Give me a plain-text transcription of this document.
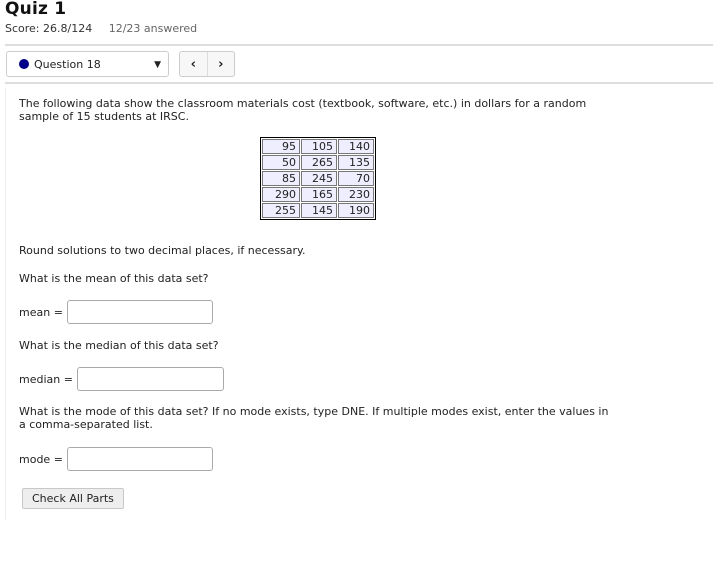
Quiz 1
Score: 26.8/124 12/23 answered
Question 18	▼ ‹ ›
The following data show the classroom materials cost (textbook, software, etc.) in dollars for a random sample of 15 students at IRSC.
95	105	140
50	265	135
85	245	70
290	165	230
255	145	190
Round solutions to two decimal places, if necessary.
What is the mean of this data set?
mean =
What is the median of this data set?
median =
What is the mode of this data set? If no mode exists, type DNE. If multiple modes exist, enter the values in a comma-separated list.
mode =
Check All Parts
